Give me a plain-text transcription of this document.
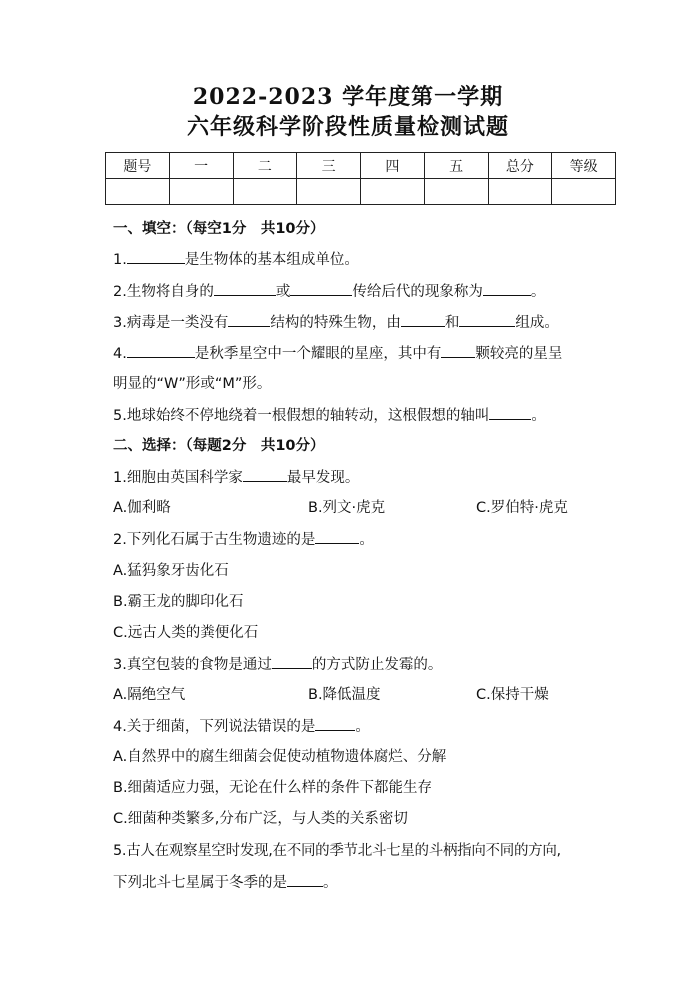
2022-2023 学年度第一学期
六年级科学阶段性质量检测试题
题号	一	二	三	四	五	总分	等级

一、填空：（每空1分　共10分）
1.	是生物体的基本组成单位。
2.生物将自身的	或	传给后代的现象称为	。
3.病毒是一类没有	结构的特殊生物，由	和	组成。
4.	是秋季星空中一个耀眼的星座，其中有 颗较亮的星呈
明显的“W”形或“M”形。
5.地球始终不停地绕着一根假想的轴转动，这根假想的轴叫	。
二、选择：（每题2分　共10分）
1.细胞由英国科学家	最早发现。
A.伽利略	B.列文·虎克	C.罗伯特·虎克
2.下列化石属于古生物遗迹的是	。
A.猛犸象牙齿化石
B.霸王龙的脚印化石
C.远古人类的粪便化石
3.真空包装的食物是通过	的方式防止发霉的。
A.隔绝空气	B.降低温度	C.保持干燥
4.关于细菌，下列说法错误的是	。
A.自然界中的腐生细菌会促使动植物遗体腐烂、分解
B.细菌适应力强，无论在什么样的条件下都能生存
C.细菌种类繁多,分布广泛，与人类的关系密切
5.古人在观察星空时发现,在不同的季节北斗七星的斗柄指向不同的方向,
下列北斗七星属于冬季的是 。
